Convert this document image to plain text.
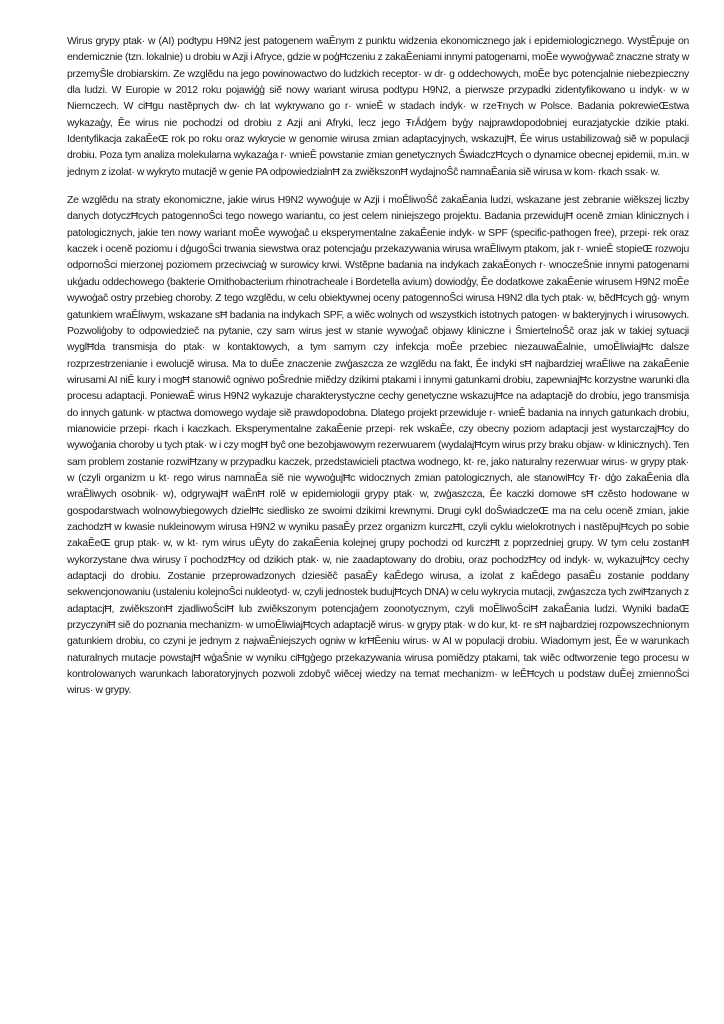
Wirus grypy ptak· w (AI) podtypu H9N2 jest patogenem waĚnym z punktu widzenia ekonomicznego jak i epidemiologicznego. WystĚpuje on endemicznie (tzn. lokalnie) u drobiu w Azji i Afryce, gdzie w poģĦczeniu z zakaĚeniami innymi patogenami, moĚe wywoģywaĉ znaczne straty w przemyŜle drobiarskim. Ze wzglĕdu na jego powinowactwo do ludzkich receptor· w dr· g oddechowych, moĚe byc potencjalnie niebezpieczny dla ludzi. W Europie w 2012 roku pojawiģģ siĕ nowy wariant wirusa podtypu H9N2, a pierwsze przypadki zidentyfikowano u indyk· w w Niemczech. W ciĦgu nastĕpnych dw· ch lat wykrywano go r· wnieĚ w stadach indyk· w rzeŦnych w Polsce. Badania pokrewieŒstwa wykazaģy, Ěe wirus nie pochodzi od drobiu z Azji ani Afryki, lecz jego ŦrǺdģem byģy najprawdopodobniej eurazjatyckie dzikie ptaki. Identyfikacja zakaĚeŒ rok po roku oraz wykrycie w genomie wirusa zmian adaptacyjnych, wskazujĦ, Ěe wirus ustabilizowaģ siĕ w populacji drobiu. Poza tym analiza molekularna wykazaģa r· wnieĚ powstanie zmian genetycznych ŜwiadczĦcych o dynamice obecnej epidemii, m.in. w jednym z izolat· w wykryto mutacjĕ w genie PA odpowiedzialnĦ za zwiĕkszonĦ wydajnoŜĉ namnaĚania siĕ wirusa w kom· rkach ssak· w.

Ze wzglĕdu na straty ekonomiczne, jakie wirus H9N2 wywoģuje w Azji i moĚliwoŜĉ zakaĚania ludzi, wskazane jest zebranie wiĕkszej liczby danych dotyczĦcych patogennoŜci tego nowego wariantu, co jest celem niniejszego projektu. Badania przewidujĦ ocenĕ zmian klinicznych i patologicznych, jakie ten nowy wariant moĚe wywoģaĉ u eksperymentalne zakaĚenie indyk· w SPF (specific-pathogen free), przepi· rek oraz kaczek i ocenĕ poziomu i dģugoŜci trwania siewstwa oraz potencjaģu przekazywania wirusa wraĚliwym ptakom, jak r· wnieĚ stopieŒ rozwoju odpornoŜci mierzonej poziomem przeciwciaģ w surowicy krwi. Wstĕpne badania na indykach zakaĚonych r· wnoczeŜnie innymi patogenami ukģadu oddechowego (bakterie Ornithobacterium rhinotracheale i Bordetella avium) dowiodģy, Ěe dodatkowe zakaĚenie wirusem H9N2 moĚe wywoģaĉ ostry przebieg choroby. Z tego wzglĕdu, w celu obiektywnej oceny patogennoŜci wirusa H9N2 dla tych ptak· w, bĕdĦcych gģ· wnym gatunkiem wraĚliwym, wskazane sĦ badania na indykach SPF, a wiĕc wolnych od wszystkich istotnych patogen· w bakteryjnych i wirusowych. Pozwoliģoby to odpowiedzieĉ na pytanie, czy sam wirus jest w stanie wywoģaĉ objawy kliniczne i ŜmiertelnoŜĉ oraz jak w takiej sytuacji wyglĦda transmisja do ptak· w kontaktowych, a tym samym czy infekcja moĚe przebiec niezauwaĚalnie, umoĚliwiajĦc dalsze rozprzestrzenianie i ewolucjĕ wirusa. Ma to duĚe znaczenie zwģaszcza ze wzglĕdu na fakt, Ěe indyki sĦ najbardziej wraĚliwe na zakaĚenie wirusami AI niĚ kury i mogĦ stanowiĉ ogniwo poŜrednie miĕdzy dzikimi ptakami i innymi gatunkami drobiu, zapewniajĦc korzystne warunki dla procesu adaptacji. PoniewaĚ wirus H9N2 wykazuje charakterystyczne cechy genetyczne wskazujĦce na adaptacjĕ do drobiu, jego transmisja do innych gatunk· w ptactwa domowego wydaje siĕ prawdopodobna. Dlatego projekt przewiduje r· wnieĚ badania na innych gatunkach drobiu, mianowicie przepi· rkach i kaczkach. Eksperymentalne zakaĚenie przepi· rek wskaĚe, czy obecny poziom adaptacji jest wystarczajĦcy do wywoģania choroby u tych ptak· w i czy mogĦ byĉ one bezobjawowym rezerwuarem (wydalajĦcym wirus przy braku objaw· w klinicznych). Ten sam problem zostanie rozwiĦzany w przypadku kaczek, przedstawicieli ptactwa wodnego, kt· re, jako naturalny rezerwuar wirus· w grypy ptak· w (czyli organizm u kt· rego wirus namnaĚa siĕ nie wywoģujĦc widocznych zmian patologicznych, ale stanowiĦcy Ŧr· dģo zakaĚenia dla wraĚliwych osobnik· w), odgrywajĦ waĚnĦ rolĕ w epidemiologii grypy ptak· w, zwģaszcza, Ěe kaczki domowe sĦ czĕsto hodowane w gospodarstwach wolnowybiegowych dzielĦc siedlisko ze swoimi dzikimi krewnymi. Drugi cykl doŜwiadczeŒ ma na celu ocenĕ zmian, jakie zachodzĦ w kwasie nukleinowym wirusa H9N2 w wyniku pasaĚy przez organizm kurczĦt, czyli cyklu wielokrotnych i nastĕpujĦcych po sobie zakaĚeŒ grup ptak· w, w kt· rym wirus uĚyty do zakaĚenia kolejnej grupy pochodzi od kurczĦt z poprzedniej grupy. W tym celu zostanĦ wykorzystane dwa wirusy ï pochodzĦcy od dzikich ptak· w, nie zaadaptowany do drobiu, oraz pochodzĦcy od indyk· w, wykazujĦcy cechy adaptacji do drobiu. Zostanie przeprowadzonych dziesiĕĉ pasaĚy kaĚdego wirusa, a izolat z kaĚdego pasaĚu zostanie poddany sekwencjonowaniu (ustaleniu kolejnoŜci nukleotyd· w, czyli jednostek budujĦcych DNA) w celu wykrycia mutacji, zwģaszcza tych zwiĦzanych z adaptacjĦ, zwiĕkszonĦ zjadliwoŜciĦ lub zwiĕkszonym potencjaģem zoonotycznym, czyli moĚliwoŜciĦ zakaĚania ludzi. Wyniki badaŒ przyczyniĦ siĕ do poznania mechanizm· w umoĚliwiajĦcych adaptacjĕ wirus· w grypy ptak· w do kur, kt· re sĦ najbardziej rozpowszechnionym gatunkiem drobiu, co czyni je jednym z najwaĚniejszych ogniw w krĦĚeniu wirus· w AI w populacji drobiu. Wiadomym jest, Ěe w warunkach naturalnych mutacje powstajĦ wģaŜnie w wyniku ciĦgģego przekazywania wirusa pomiĕdzy ptakami, tak wiĕc odtworzenie tego procesu w kontrolowanych warunkach laboratoryjnych pozwoli zdobyĉ wiĕcej wiedzy na temat mechanizm· w leĚĦcych u podstaw duĚej zmiennoŜci wirus· w grypy.
